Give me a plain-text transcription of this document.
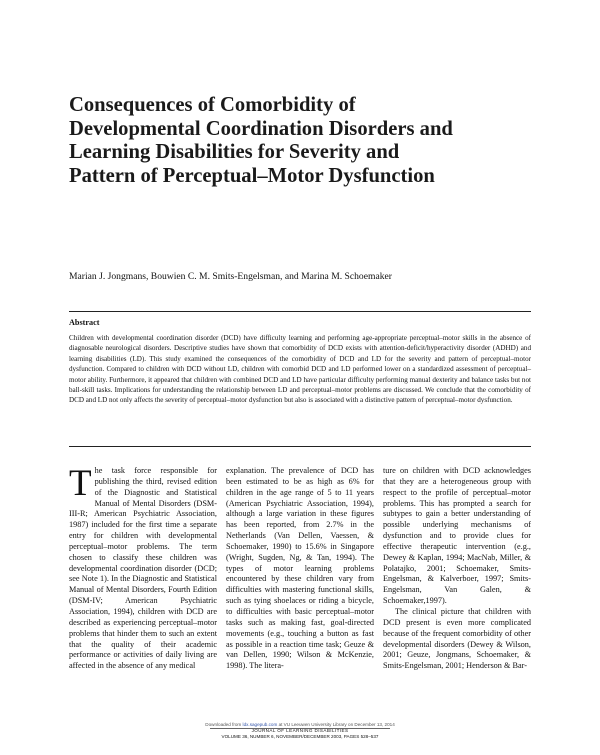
Consequences of Comorbidity of Developmental Coordination Disorders and Learning Disabilities for Severity and Pattern of Perceptual–Motor Dysfunction
Marian J. Jongmans, Bouwien C. M. Smits-Engelsman, and Marina M. Schoemaker
Abstract

Children with developmental coordination disorder (DCD) have difficulty learning and performing age-appropriate perceptual–motor skills in the absence of diagnosable neurological disorders. Descriptive studies have shown that comorbidity of DCD exists with attention-deficit/hyperactivity disorder (ADHD) and learning disabilities (LD). This study examined the consequences of the comorbidity of DCD and LD for the severity and pattern of perceptual–motor dysfunction. Compared to children with DCD without LD, children with comorbid DCD and LD performed lower on a standardized assessment of perceptual–motor ability. Furthermore, it appeared that children with combined DCD and LD have particular difficulty performing manual dexterity and balance tasks but not ball-skill tasks. Implications for understanding the relationship between LD and perceptual–motor problems are discussed. We conclude that the comorbidity of DCD and LD not only affects the severity of perceptual–motor dysfunction but also is associated with a distinctive pattern of perceptual–motor dysfunction.

T he task force responsible for publishing the third, revised edition of the Diagnostic and Statistical Manual of Mental Disorders (DSM-III-R; American Psychiatric Association, 1987) included for the first time a separate entry for children with developmental perceptual–motor problems. The term chosen to classify these children was developmental coordination disorder (DCD; see Note 1). In the Diagnostic and Statistical Manual of Mental Disorders, Fourth Edition (DSM-IV; American Psychiatric Association, 1994), children with DCD are described as experiencing perceptual–motor problems that hinder them to such an extent that the quality of their academic performance or activities of daily living are affected in the absence of any medical
explanation. The prevalence of DCD has been estimated to be as high as 6% for children in the age range of 5 to 11 years (American Psychiatric Association, 1994), although a large variation in these figures has been reported, from 2.7% in the Netherlands (Van Dellen, Vaessen, & Schoemaker, 1990) to 15.6% in Singapore (Wright, Sugden, Ng, & Tan, 1994). The types of motor learning problems encountered by these children vary from difficulties with mastering functional skills, such as tying shoelaces or riding a bicycle, to difficulties with basic perceptual–motor tasks such as making fast, goal-directed movements (e.g., touching a button as fast as possible in a reaction time task; Geuze & van Dellen, 1990; Wilson & McKenzie, 1998). The litera-
ture on children with DCD acknowledges that they are a heterogeneous group with respect to the profile of perceptual–motor problems. This has prompted a search for subtypes to gain a better understanding of possible underlying mechanisms of dysfunction and to provide clues for effective therapeutic intervention (e.g., Dewey & Kaplan, 1994; MacNab, Miller, & Polatajko, 2001; Schoemaker, Smits-Engelsman, & Kalverboer, 1997; Smits-Engelsman, Van Galen, & Schoemaker,1997).
The clinical picture that children with DCD present is even more complicated because of the frequent comorbidity of other developmental disorders (Dewey & Wilson, 2001; Geuze, Jongmans, Schoemaker, & Smits-Engelsman, 2001; Henderson & Bar-
Downloaded from ldx.sagepub.com at VU Leeuwen University Library on December 13, 2014
JOURNAL OF LEARNING DISABILITIES
VOLUME 36, NUMBER 6, NOVEMBER/DECEMBER 2003, PAGES 528–537
